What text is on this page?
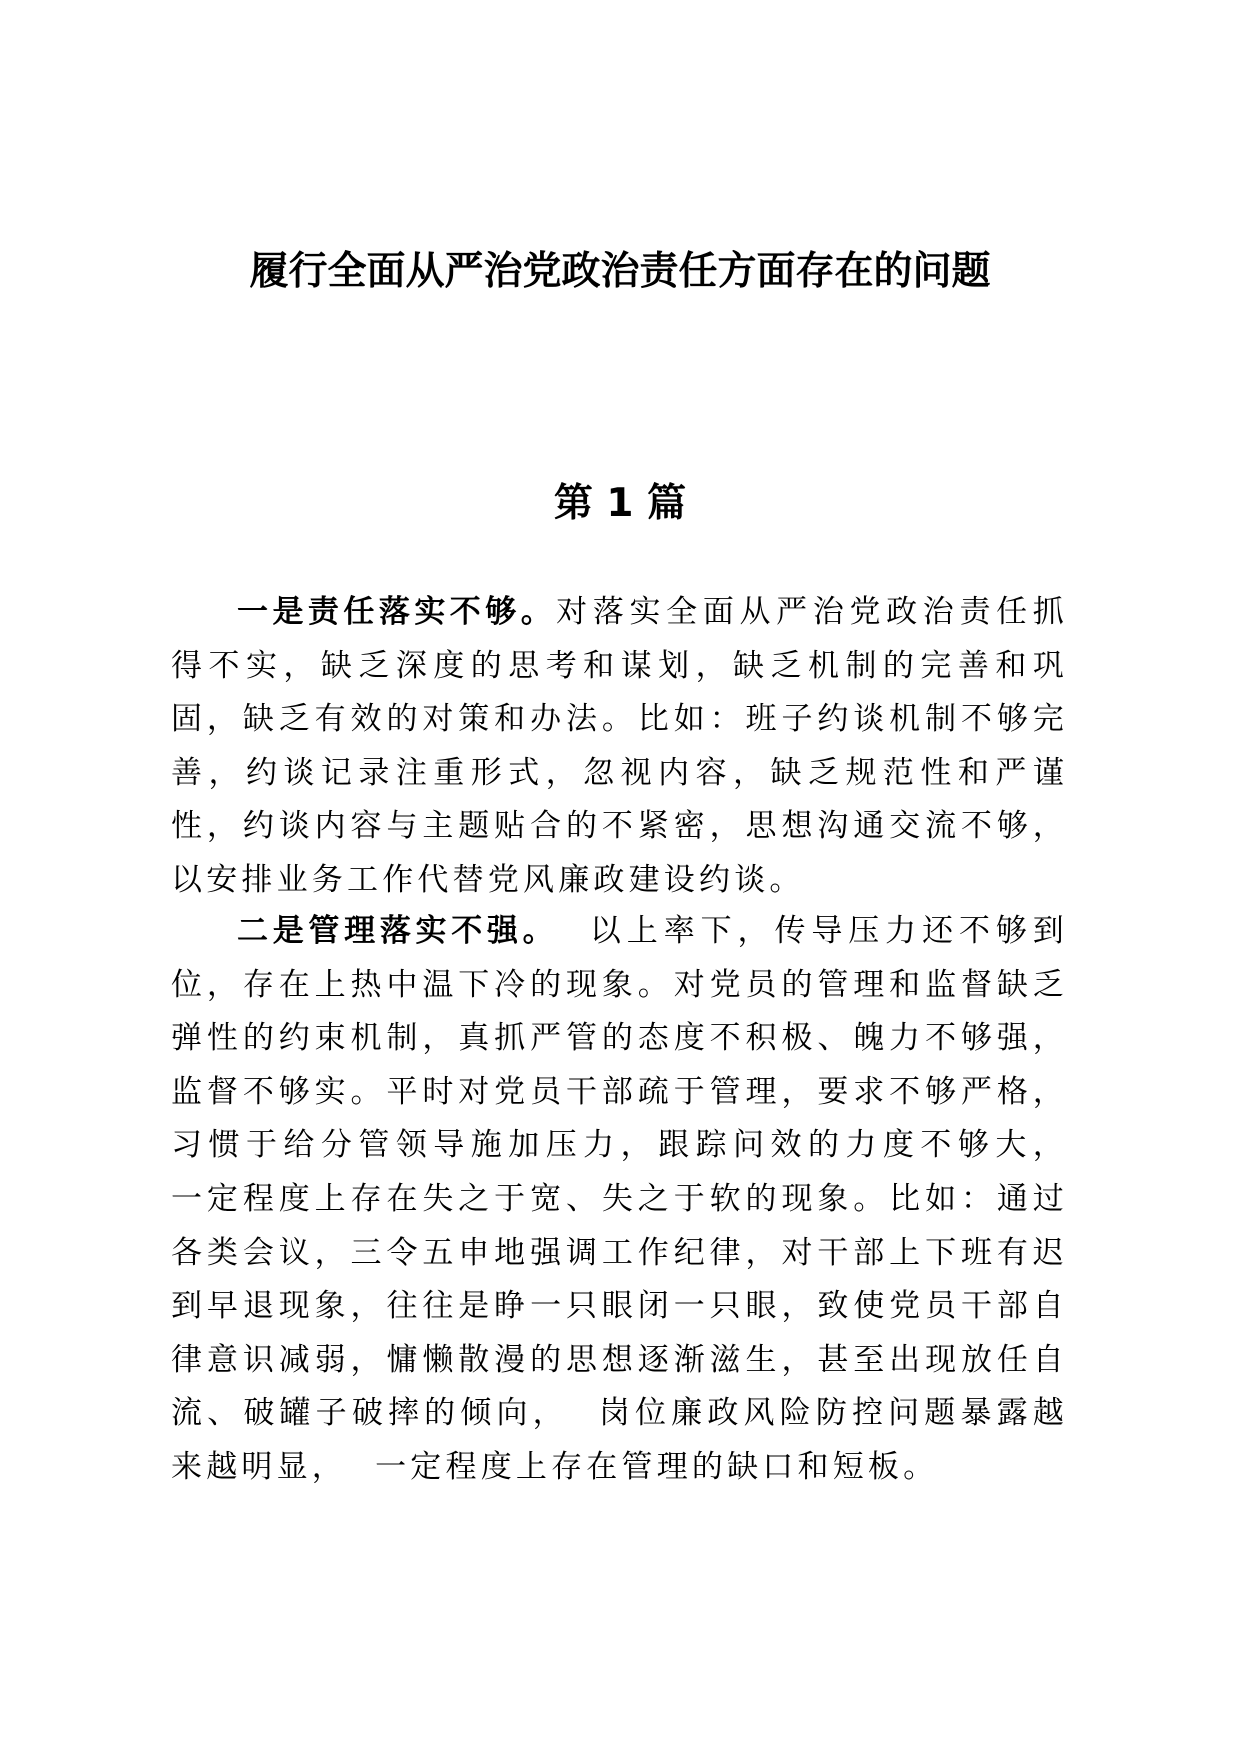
履行全面从严治党政治责任方面存在的问题
第 1 篇

一是责任落实不够。对落实全面从严治党政治责任抓得不实，缺乏深度的思考和谋划，缺乏机制的完善和巩固，缺乏有效的对策和办法。比如：班子约谈机制不够完善，约谈记录注重形式，忽视内容，缺乏规范性和严谨性，约谈内容与主题贴合的不紧密，思想沟通交流不够，以安排业务工作代替党风廉政建设约谈。

二是管理落实不强。  以上率下，传导压力还不够到位，存在上热中温下冷的现象。对党员的管理和监督缺乏弹性的约束机制，真抓严管的态度不积极、魄力不够强，监督不够实。平时对党员干部疏于管理，要求不够严格，习惯于给分管领导施加压力，跟踪问效的力度不够大，  一定程度上存在失之于宽、失之于软的现象。比如：通过各类会议，三令五申地强调工作纪律，对干部上下班有迟到早退现象，往往是睁一只眼闭一只眼，致使党员干部自律意识减弱，慵懒散漫的思想逐渐滋生，甚至出现放任自流、破罐子破摔的倾向，  岗位廉政风险防控问题暴露越来越明显，  一定程度上存在管理的缺口和短板。
